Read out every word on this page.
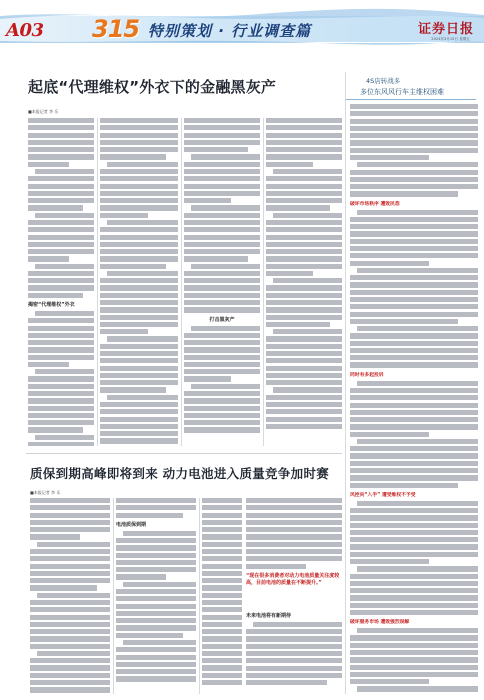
A03 315 特别策划 · 行业调查篇	证券日报
2024年3月15日 星期五
起底“代理维权”外衣下的金融黑灰产
■本报记者 李 乐
揭密“代理维权”外衣
打击黑灰产
4S店转战多
多位东风风行车主维权困难
破坏市场秩序 遭致民怨
同时有多起投诉
风控向“入手” 遭受维权不予受
破坏服务市场 遭致强烈误解
质保到期高峰即将到来 动力电池进入质量竞争加时赛
■本报记者 李 乐
电池质保到期
未来电池将有新期待
“现在很多消费者对动力电池质量关注度较高，目前电池的质量在不断提升。”
